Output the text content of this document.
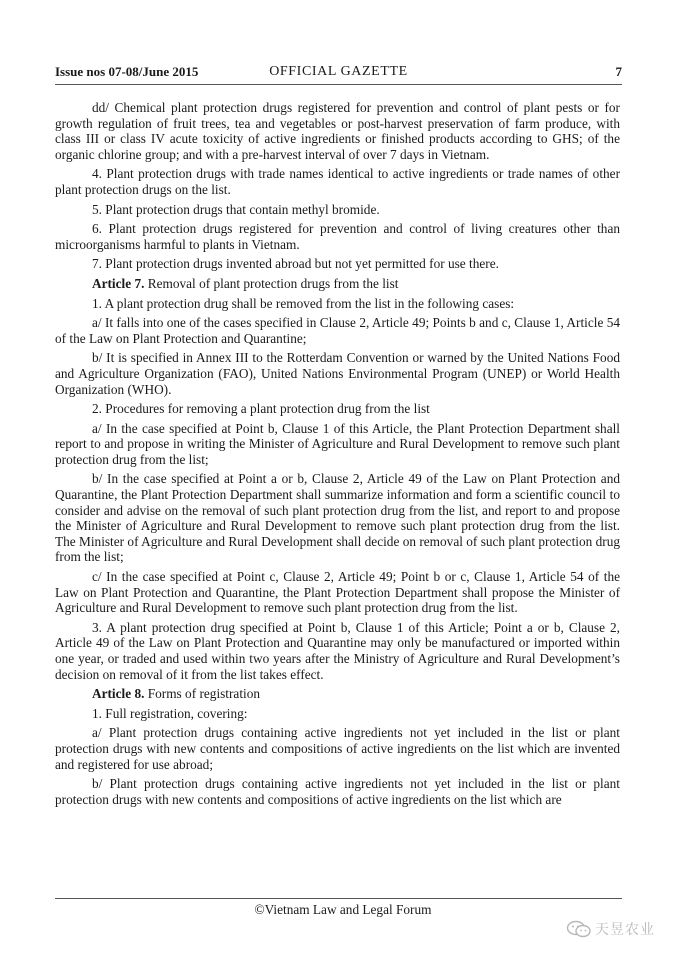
Issue nos 07-08/June 2015	OFFICIAL GAZETTE	7

dd/ Chemical plant protection drugs registered for prevention and control of plant pests or for growth regulation of fruit trees, tea and vegetables or post-harvest preservation of farm produce, with class III or class IV acute toxicity of active ingredients or finished products according to GHS; of the organic chlorine group; and with a pre-harvest interval of over 7 days in Vietnam.

4. Plant protection drugs with trade names identical to active ingredients or trade names of other plant protection drugs on the list.

5. Plant protection drugs that contain methyl bromide.

6. Plant protection drugs registered for prevention and control of living creatures other than microorganisms harmful to plants in Vietnam.

7. Plant protection drugs invented abroad but not yet permitted for use there.

Article 7. Removal of plant protection drugs from the list

1. A plant protection drug shall be removed from the list in the following cases:

a/ It falls into one of the cases specified in Clause 2, Article 49; Points b and c, Clause 1, Article 54 of the Law on Plant Protection and Quarantine;

b/ It is specified in Annex III to the Rotterdam Convention or warned by the United Nations Food and Agriculture Organization (FAO), United Nations Environmental Program (UNEP) or World Health Organization (WHO).

2. Procedures for removing a plant protection drug from the list

a/ In the case specified at Point b, Clause 1 of this Article, the Plant Protection Department shall report to and propose in writing the Minister of Agriculture and Rural Development to remove such plant protection drug from the list;

b/ In the case specified at Point a or b, Clause 2, Article 49 of the Law on Plant Protection and Quarantine, the Plant Protection Department shall summarize information and form a scientific council to consider and advise on the removal of such plant protection drug from the list, and report to and propose the Minister of Agriculture and Rural Development to remove such plant protection drug from the list. The Minister of Agriculture and Rural Development shall decide on removal of such plant protection drug from the list;

c/ In the case specified at Point c, Clause 2, Article 49; Point b or c, Clause 1, Article 54 of the Law on Plant Protection and Quarantine, the Plant Protection Department shall propose the Minister of Agriculture and Rural Development to remove such plant protection drug from the list.

3. A plant protection drug specified at Point b, Clause 1 of this Article; Point a or b, Clause 2, Article 49 of the Law on Plant Protection and Quarantine may only be manufactured or imported within one year, or traded and used within two years after the Ministry of Agriculture and Rural Development’s decision on removal of it from the list takes effect.

Article 8. Forms of registration

1. Full registration, covering:

a/ Plant protection drugs containing active ingredients not yet included in the list or plant protection drugs with new contents and compositions of active ingredients on the list which are invented and registered for use abroad;

b/ Plant protection drugs containing active ingredients not yet included in the list or plant protection drugs with new contents and compositions of active ingredients on the list which are

©Vietnam Law and Legal Forum
天昱农业
